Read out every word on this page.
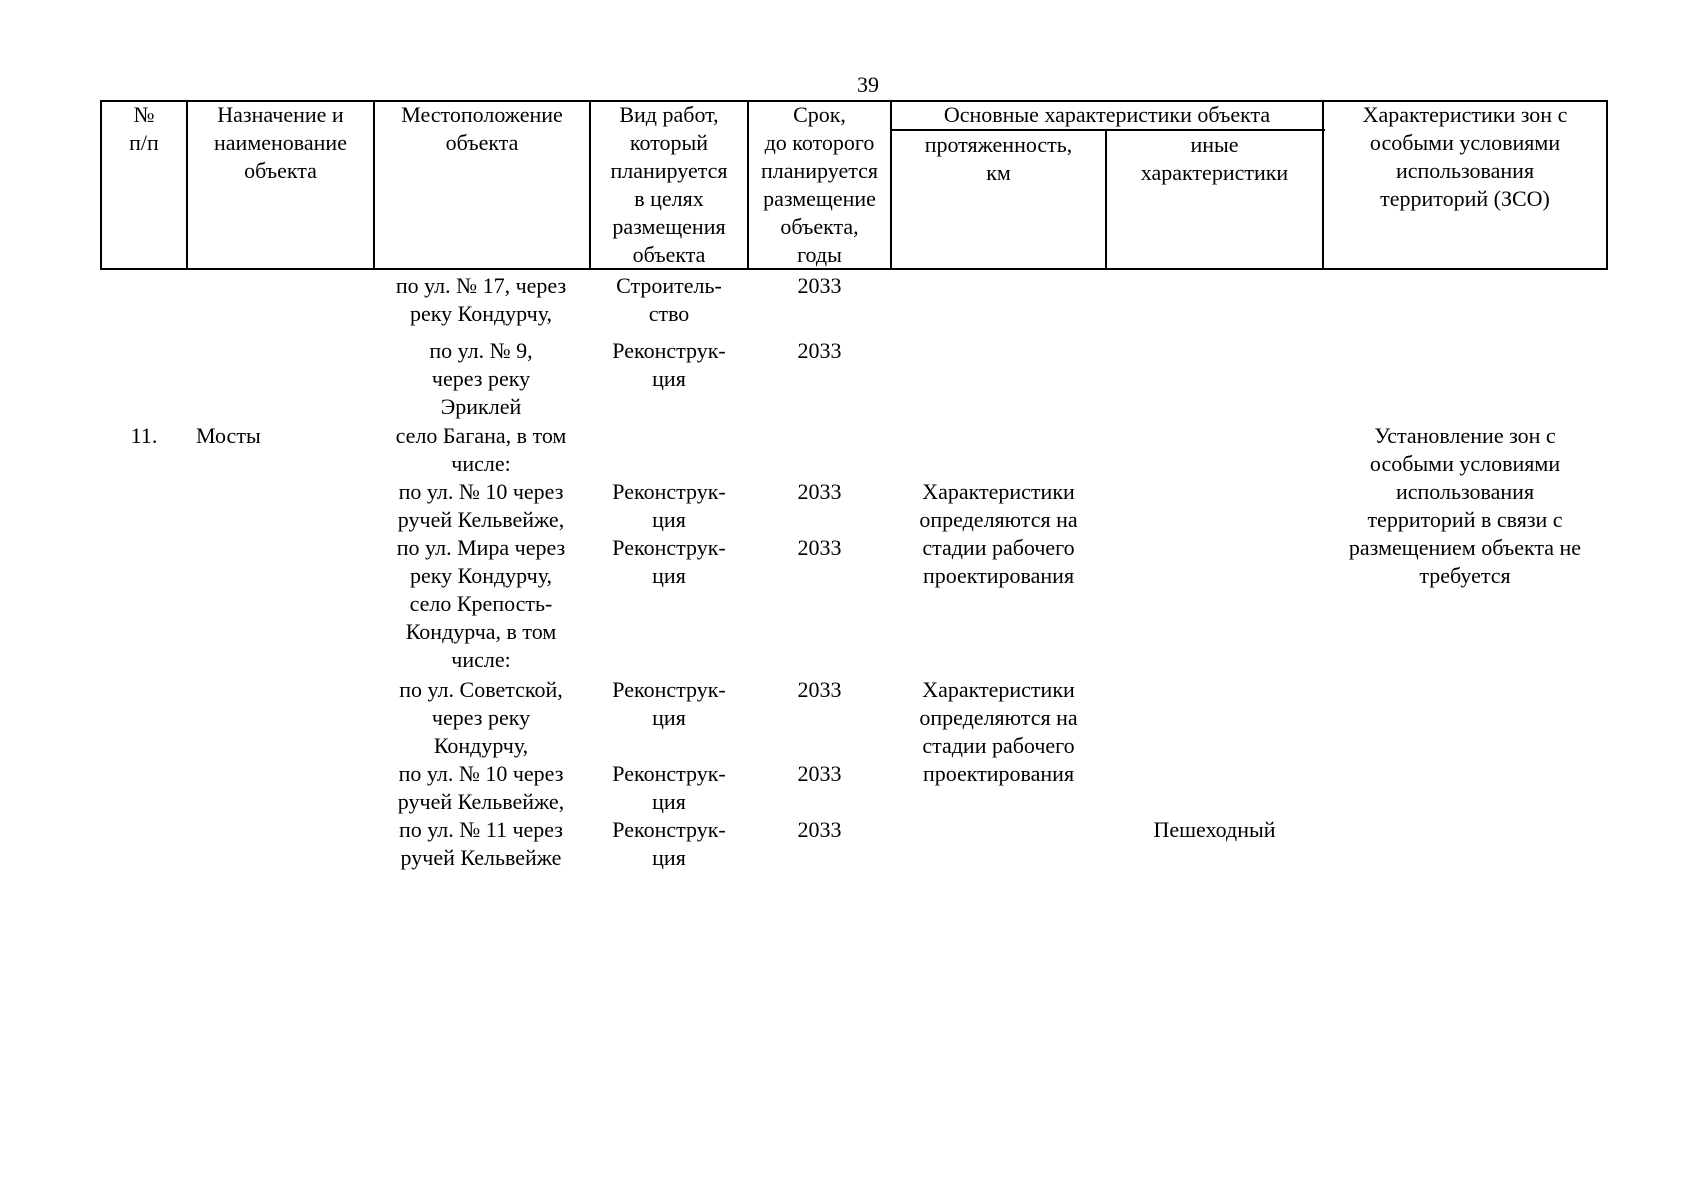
39
№
п/п
Назначение и
наименование
объекта
Местоположение
объекта
Вид работ,
который
планируется
в целях
размещения
объекта
Срок,
до которого
планируется
размещение
объекта,
годы
Основные характеристики объекта
протяженность,
км
иные
характеристики
Характеристики зон с
особыми условиями
использования
территорий (ЗСО)
11.	Мосты
по ул. № 17, через
реку Кондурчу,
Строитель-
ство
2033
по ул. № 9,
через реку
Эриклей
Реконструк-
ция
2033
село Багана, в том
числе:
по ул. № 10 через
ручей Кельвейже,
Реконструк-
ция
2033
по ул. Мира через
реку Кондурчу,
Реконструк-
ция
2033
село Крепость-
Кондурча, в том
числе:
по ул. Советской,
через реку
Кондурчу,
Реконструк-
ция
2033
по ул. № 10 через
ручей Кельвейже,
Реконструк-
ция
2033
по ул. № 11 через
ручей Кельвейже
Реконструк-
ция
2033
Характеристики
определяются на
стадии рабочего
проектирования
Характеристики
определяются на
стадии рабочего
проектирования
Пешеходный
Установление зон с
особыми условиями
использования
территорий в связи с
размещением объекта не
требуется
